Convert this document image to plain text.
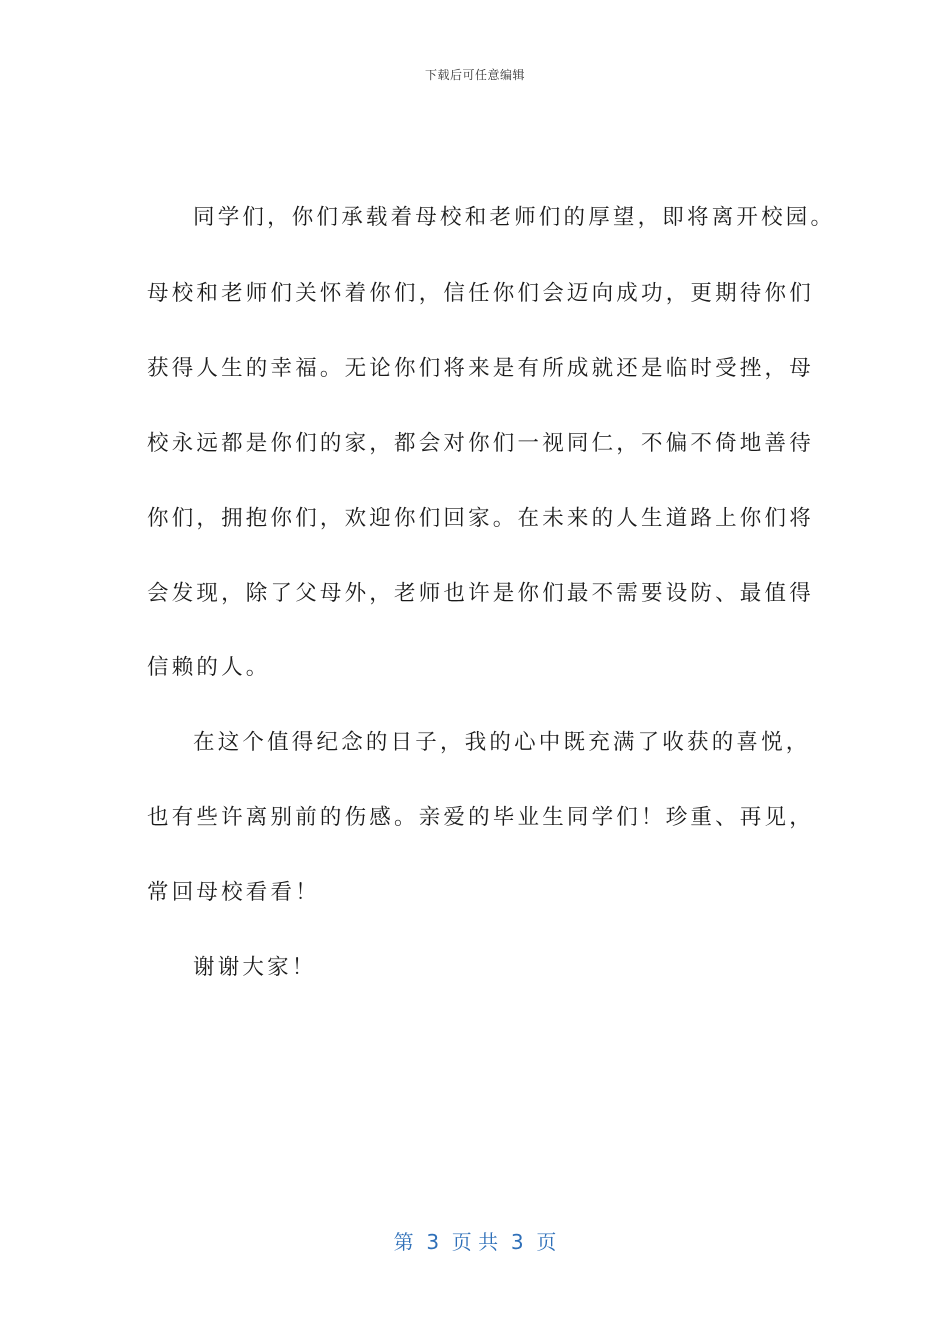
下载后可任意编辑
同学们，你们承载着母校和老师们的厚望，即将离开校园。
母校和老师们关怀着你们，信任你们会迈向成功，更期待你们
获得人生的幸福。无论你们将来是有所成就还是临时受挫，母
校永远都是你们的家，都会对你们一视同仁，不偏不倚地善待
你们，拥抱你们，欢迎你们回家。在未来的人生道路上你们将
会发现，除了父母外，老师也许是你们最不需要设防、最值得
信赖的人。
在这个值得纪念的日子，我的心中既充满了收获的喜悦，
也有些许离别前的伤感。亲爱的毕业生同学们！珍重、再见，
常回母校看看！
谢谢大家！
第  3  页 共  3  页
